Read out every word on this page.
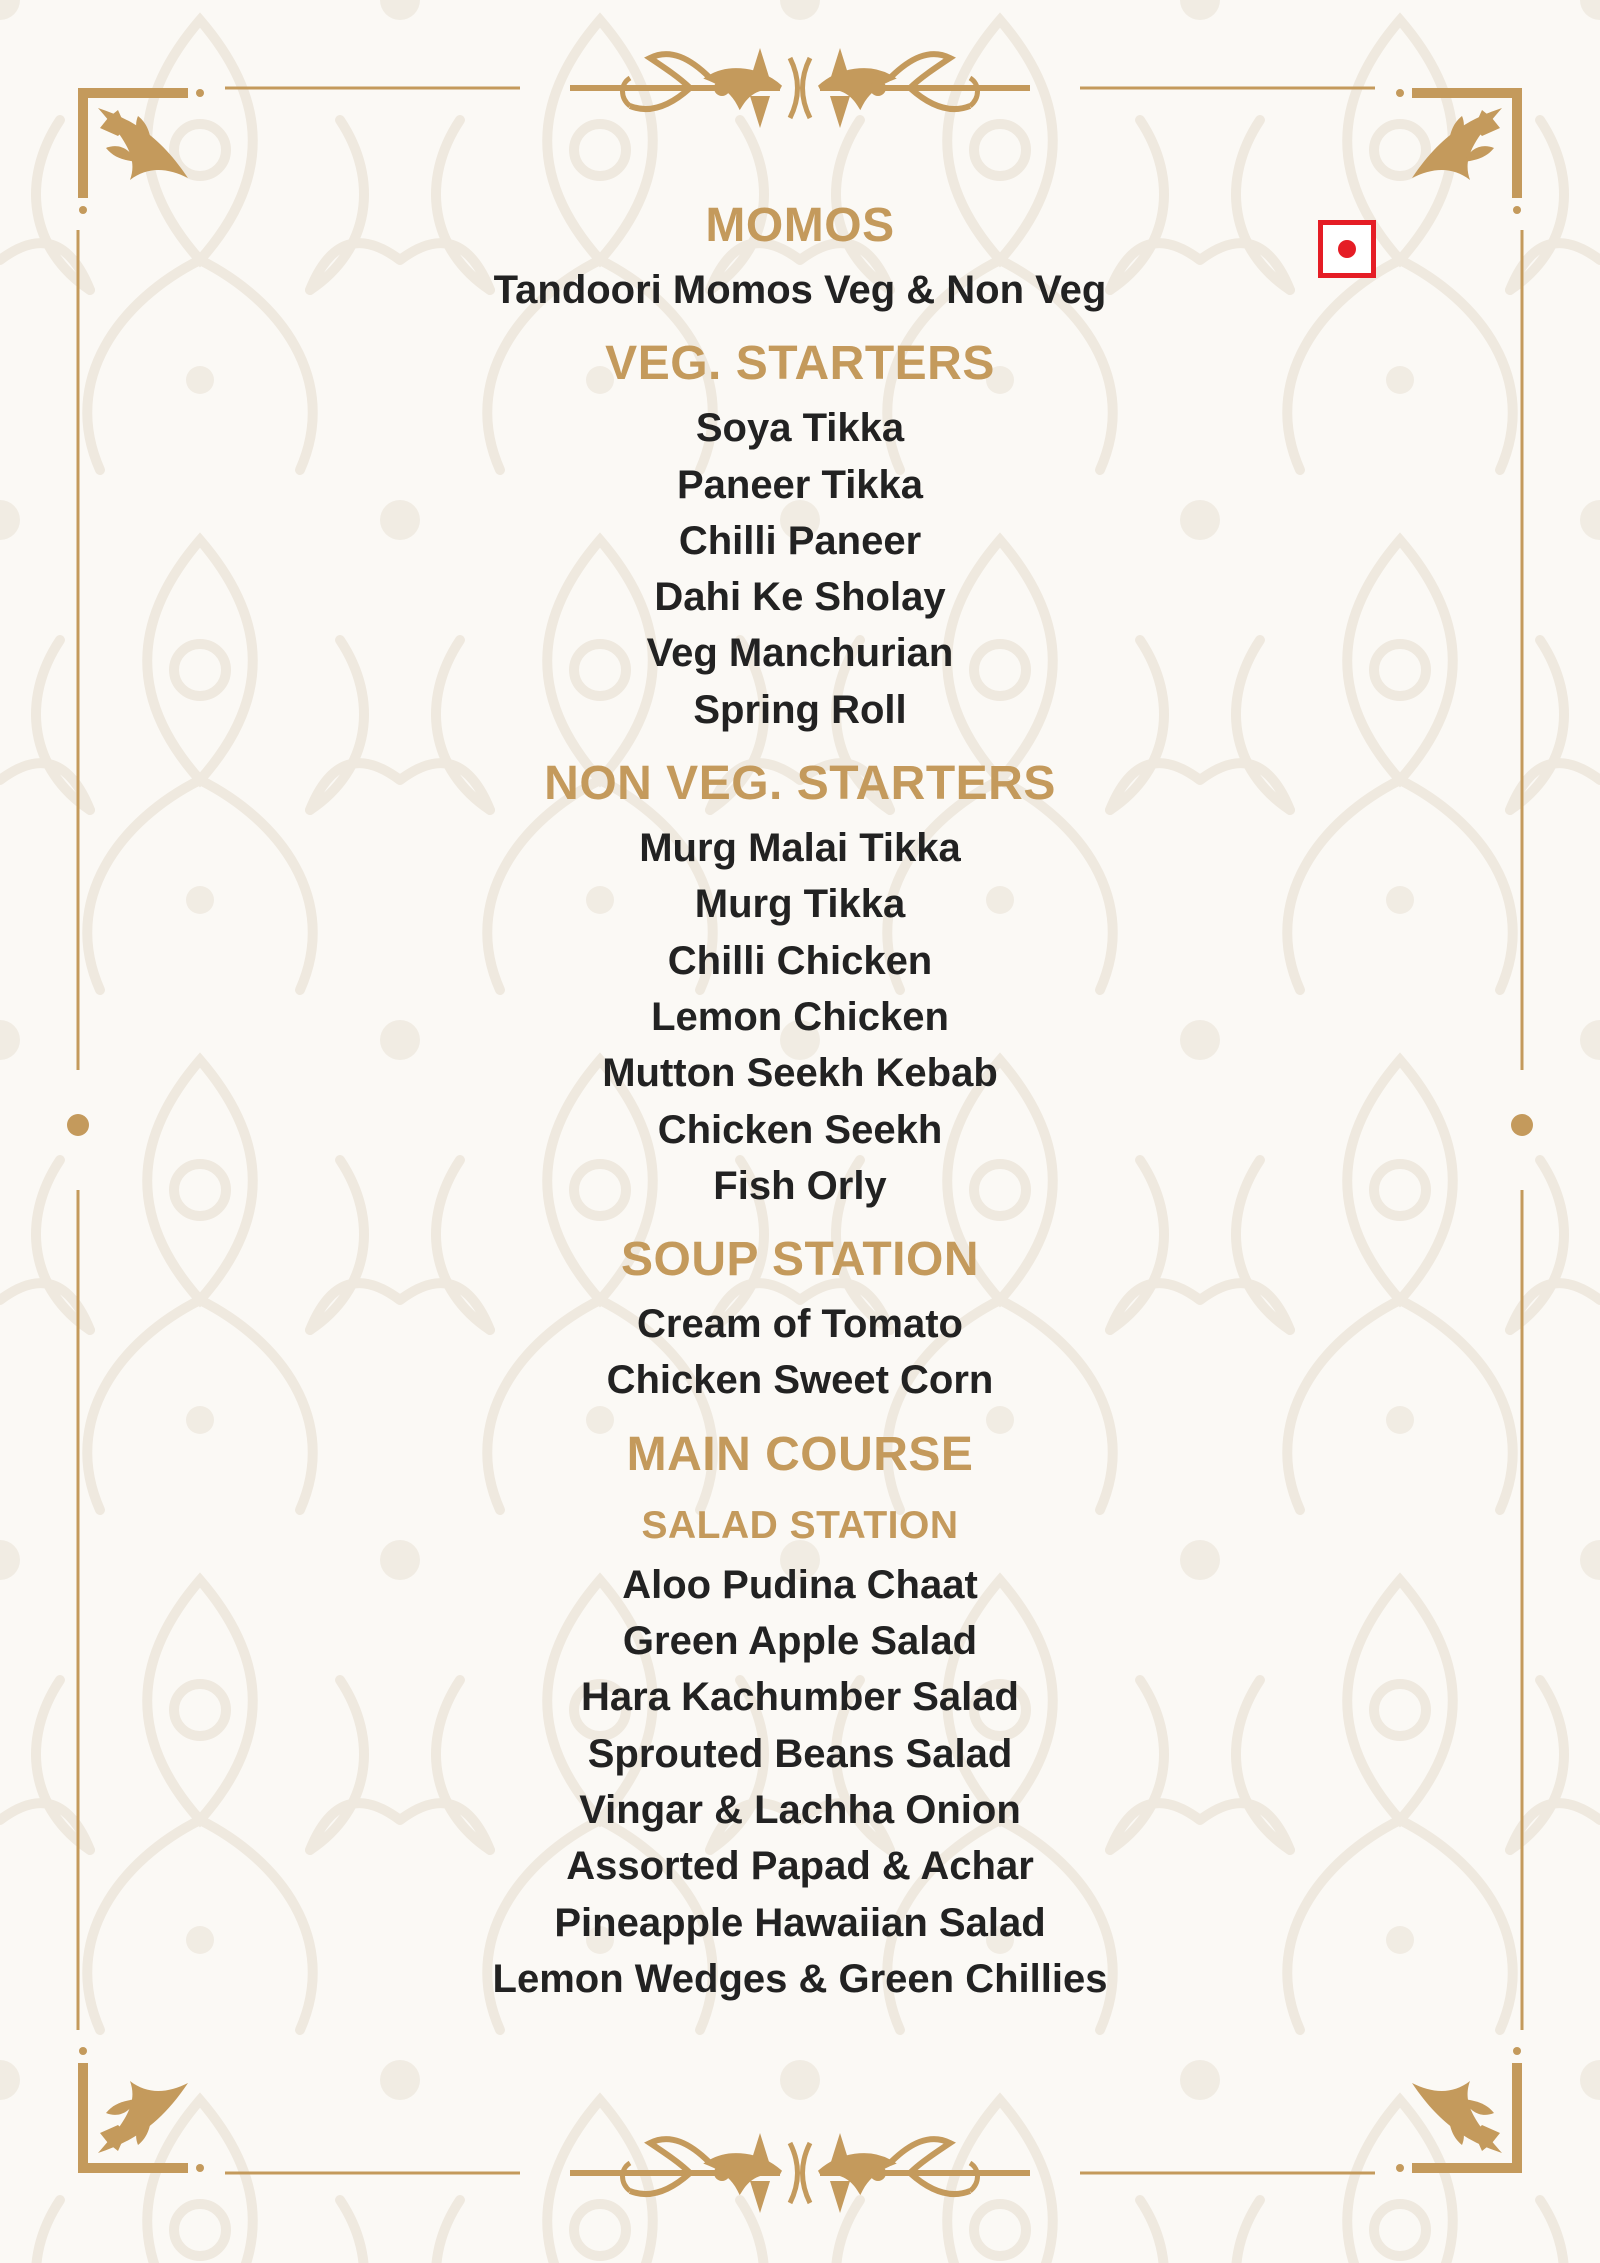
MOMOS
Tandoori Momos Veg & Non Veg
VEG. STARTERS
Soya Tikka
Paneer Tikka
Chilli Paneer
Dahi Ke Sholay
Veg Manchurian
Spring Roll
NON VEG. STARTERS
Murg Malai Tikka
Murg Tikka
Chilli Chicken
Lemon Chicken
Mutton Seekh Kebab
Chicken Seekh
Fish Orly
SOUP STATION
Cream of Tomato
Chicken Sweet Corn
MAIN COURSE
SALAD STATION
Aloo Pudina Chaat
Green Apple Salad
Hara Kachumber Salad
Sprouted Beans Salad
Vingar & Lachha Onion
Assorted Papad & Achar
Pineapple Hawaiian Salad
Lemon Wedges & Green Chillies
